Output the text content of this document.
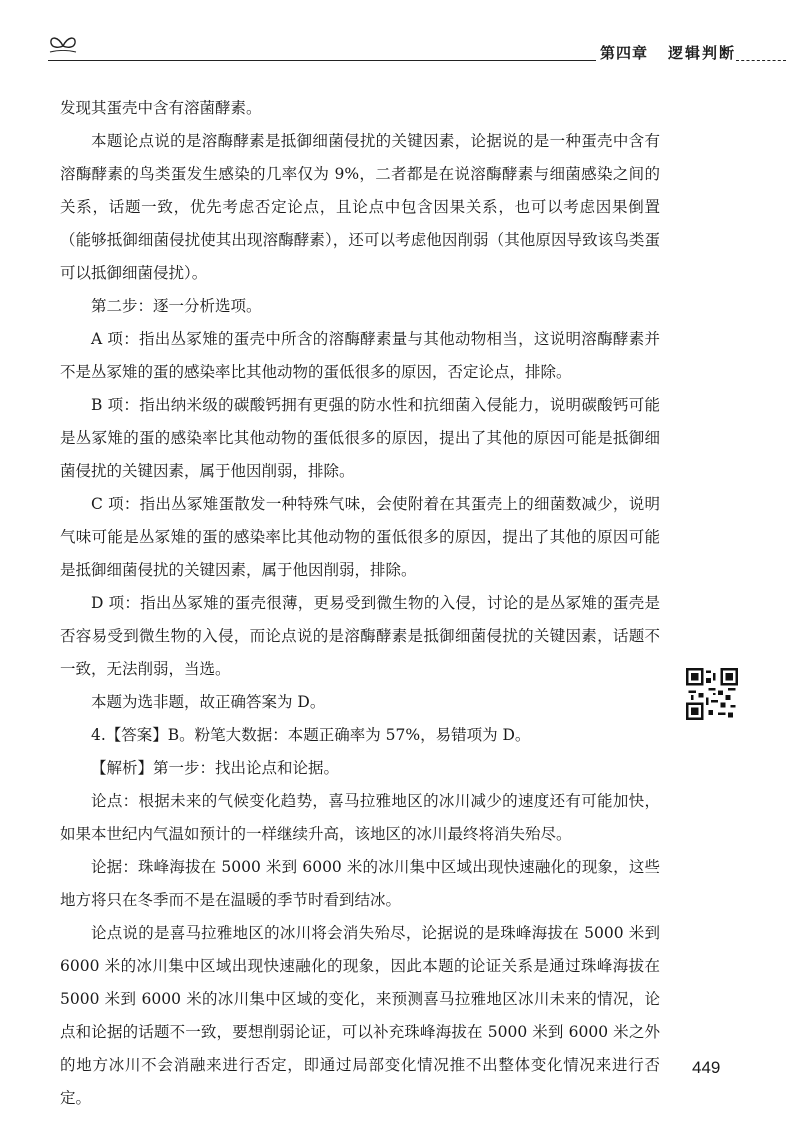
第四章 逻辑判断

发现其蛋壳中含有溶菌酵素。

本题论点说的是溶酶酵素是抵御细菌侵扰的关键因素，论据说的是一种蛋壳中含有溶酶酵素的鸟类蛋发生感染的几率仅为 9%，二者都是在说溶酶酵素与细菌感染之间的关系，话题一致，优先考虑否定论点，且论点中包含因果关系，也可以考虑因果倒置（能够抵御细菌侵扰使其出现溶酶酵素），还可以考虑他因削弱（其他原因导致该鸟类蛋可以抵御细菌侵扰）。

第二步：逐一分析选项。

A 项：指出丛冢雉的蛋壳中所含的溶酶酵素量与其他动物相当，这说明溶酶酵素并不是丛冢雉的蛋的感染率比其他动物的蛋低很多的原因，否定论点，排除。

B 项：指出纳米级的碳酸钙拥有更强的防水性和抗细菌入侵能力，说明碳酸钙可能是丛冢雉的蛋的感染率比其他动物的蛋低很多的原因，提出了其他的原因可能是抵御细菌侵扰的关键因素，属于他因削弱，排除。

C 项：指出丛冢雉蛋散发一种特殊气味，会使附着在其蛋壳上的细菌数减少，说明气味可能是丛冢雉的蛋的感染率比其他动物的蛋低很多的原因，提出了其他的原因可能是抵御细菌侵扰的关键因素，属于他因削弱，排除。

D 项：指出丛冢雉的蛋壳很薄，更易受到微生物的入侵，讨论的是丛冢雉的蛋壳是否容易受到微生物的入侵，而论点说的是溶酶酵素是抵御细菌侵扰的关键因素，话题不一致，无法削弱，当选。

本题为选非题，故正确答案为 D。

4.【答案】B。粉笔大数据：本题正确率为 57%，易错项为 D。

【解析】第一步：找出论点和论据。

论点：根据未来的气候变化趋势，喜马拉雅地区的冰川减少的速度还有可能加快，如果本世纪内气温如预计的一样继续升高，该地区的冰川最终将消失殆尽。

论据：珠峰海拔在 5000 米到 6000 米的冰川集中区域出现快速融化的现象，这些地方将只在冬季而不是在温暖的季节时看到结冰。

论点说的是喜马拉雅地区的冰川将会消失殆尽，论据说的是珠峰海拔在 5000 米到 6000 米的冰川集中区域出现快速融化的现象，因此本题的论证关系是通过珠峰海拔在 5000 米到 6000 米的冰川集中区域的变化，来预测喜马拉雅地区冰川未来的情况，论点和论据的话题不一致，要想削弱论证，可以补充珠峰海拔在 5000 米到 6000 米之外的地方冰川不会消融来进行否定，即通过局部变化情况推不出整体变化情况来进行否定。

449
